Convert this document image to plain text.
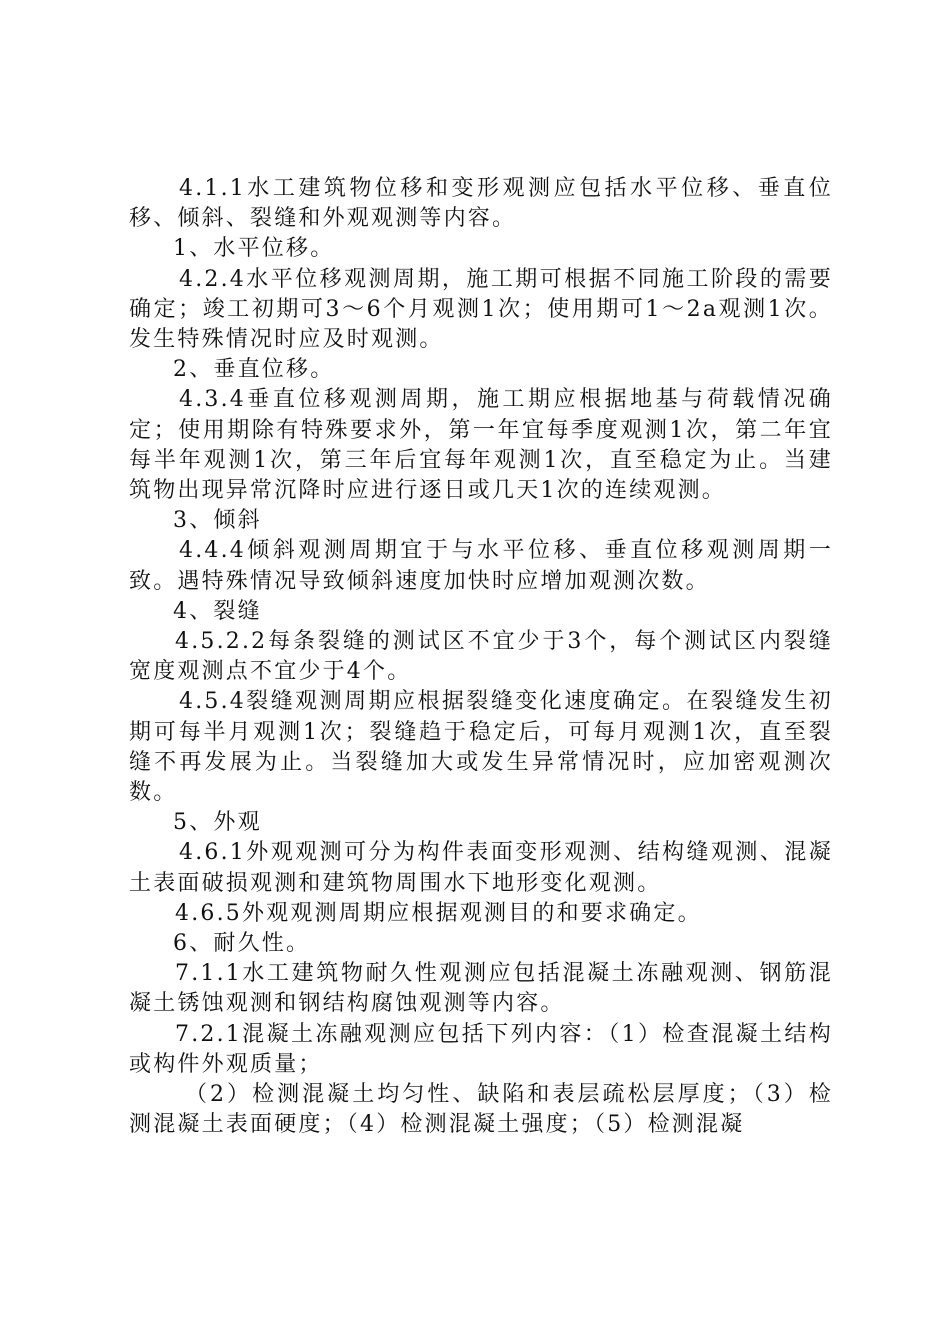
4.1.1水工建筑物位移和变形观测应包括水平位移、垂直位移、倾斜、裂缝和外观观测等内容。

1、水平位移。

4.2.4水平位移观测周期，施工期可根据不同施工阶段的需要确定；竣工初期可3～6个月观测1次；使用期可1～2a观测1次。发生特殊情况时应及时观测。

2、垂直位移。

4.3.4垂直位移观测周期，施工期应根据地基与荷载情况确定；使用期除有特殊要求外，第一年宜每季度观测1次，第二年宜每半年观测1次，第三年后宜每年观测1次，直至稳定为止。当建筑物出现异常沉降时应进行逐日或几天1次的连续观测。

3、倾斜

4.4.4倾斜观测周期宜于与水平位移、垂直位移观测周期一致。遇特殊情况导致倾斜速度加快时应增加观测次数。

4、裂缝

4.5.2.2每条裂缝的测试区不宜少于3个，每个测试区内裂缝宽度观测点不宜少于4个。

4.5.4裂缝观测周期应根据裂缝变化速度确定。在裂缝发生初期可每半月观测1次；裂缝趋于稳定后，可每月观测1次，直至裂缝不再发展为止。当裂缝加大或发生异常情况时，应加密观测次数。

5、外观

4.6.1外观观测可分为构件表面变形观测、结构缝观测、混凝土表面破损观测和建筑物周围水下地形变化观测。

4.6.5外观观测周期应根据观测目的和要求确定。

6、耐久性。

7.1.1水工建筑物耐久性观测应包括混凝土冻融观测、钢筋混凝土锈蚀观测和钢结构腐蚀观测等内容。

7.2.1混凝土冻融观测应包括下列内容：（1）检查混凝土结构或构件外观质量；

（2）检测混凝土均匀性、缺陷和表层疏松层厚度；（3）检测混凝土表面硬度；（4）检测混凝土强度；（5）检测混凝
